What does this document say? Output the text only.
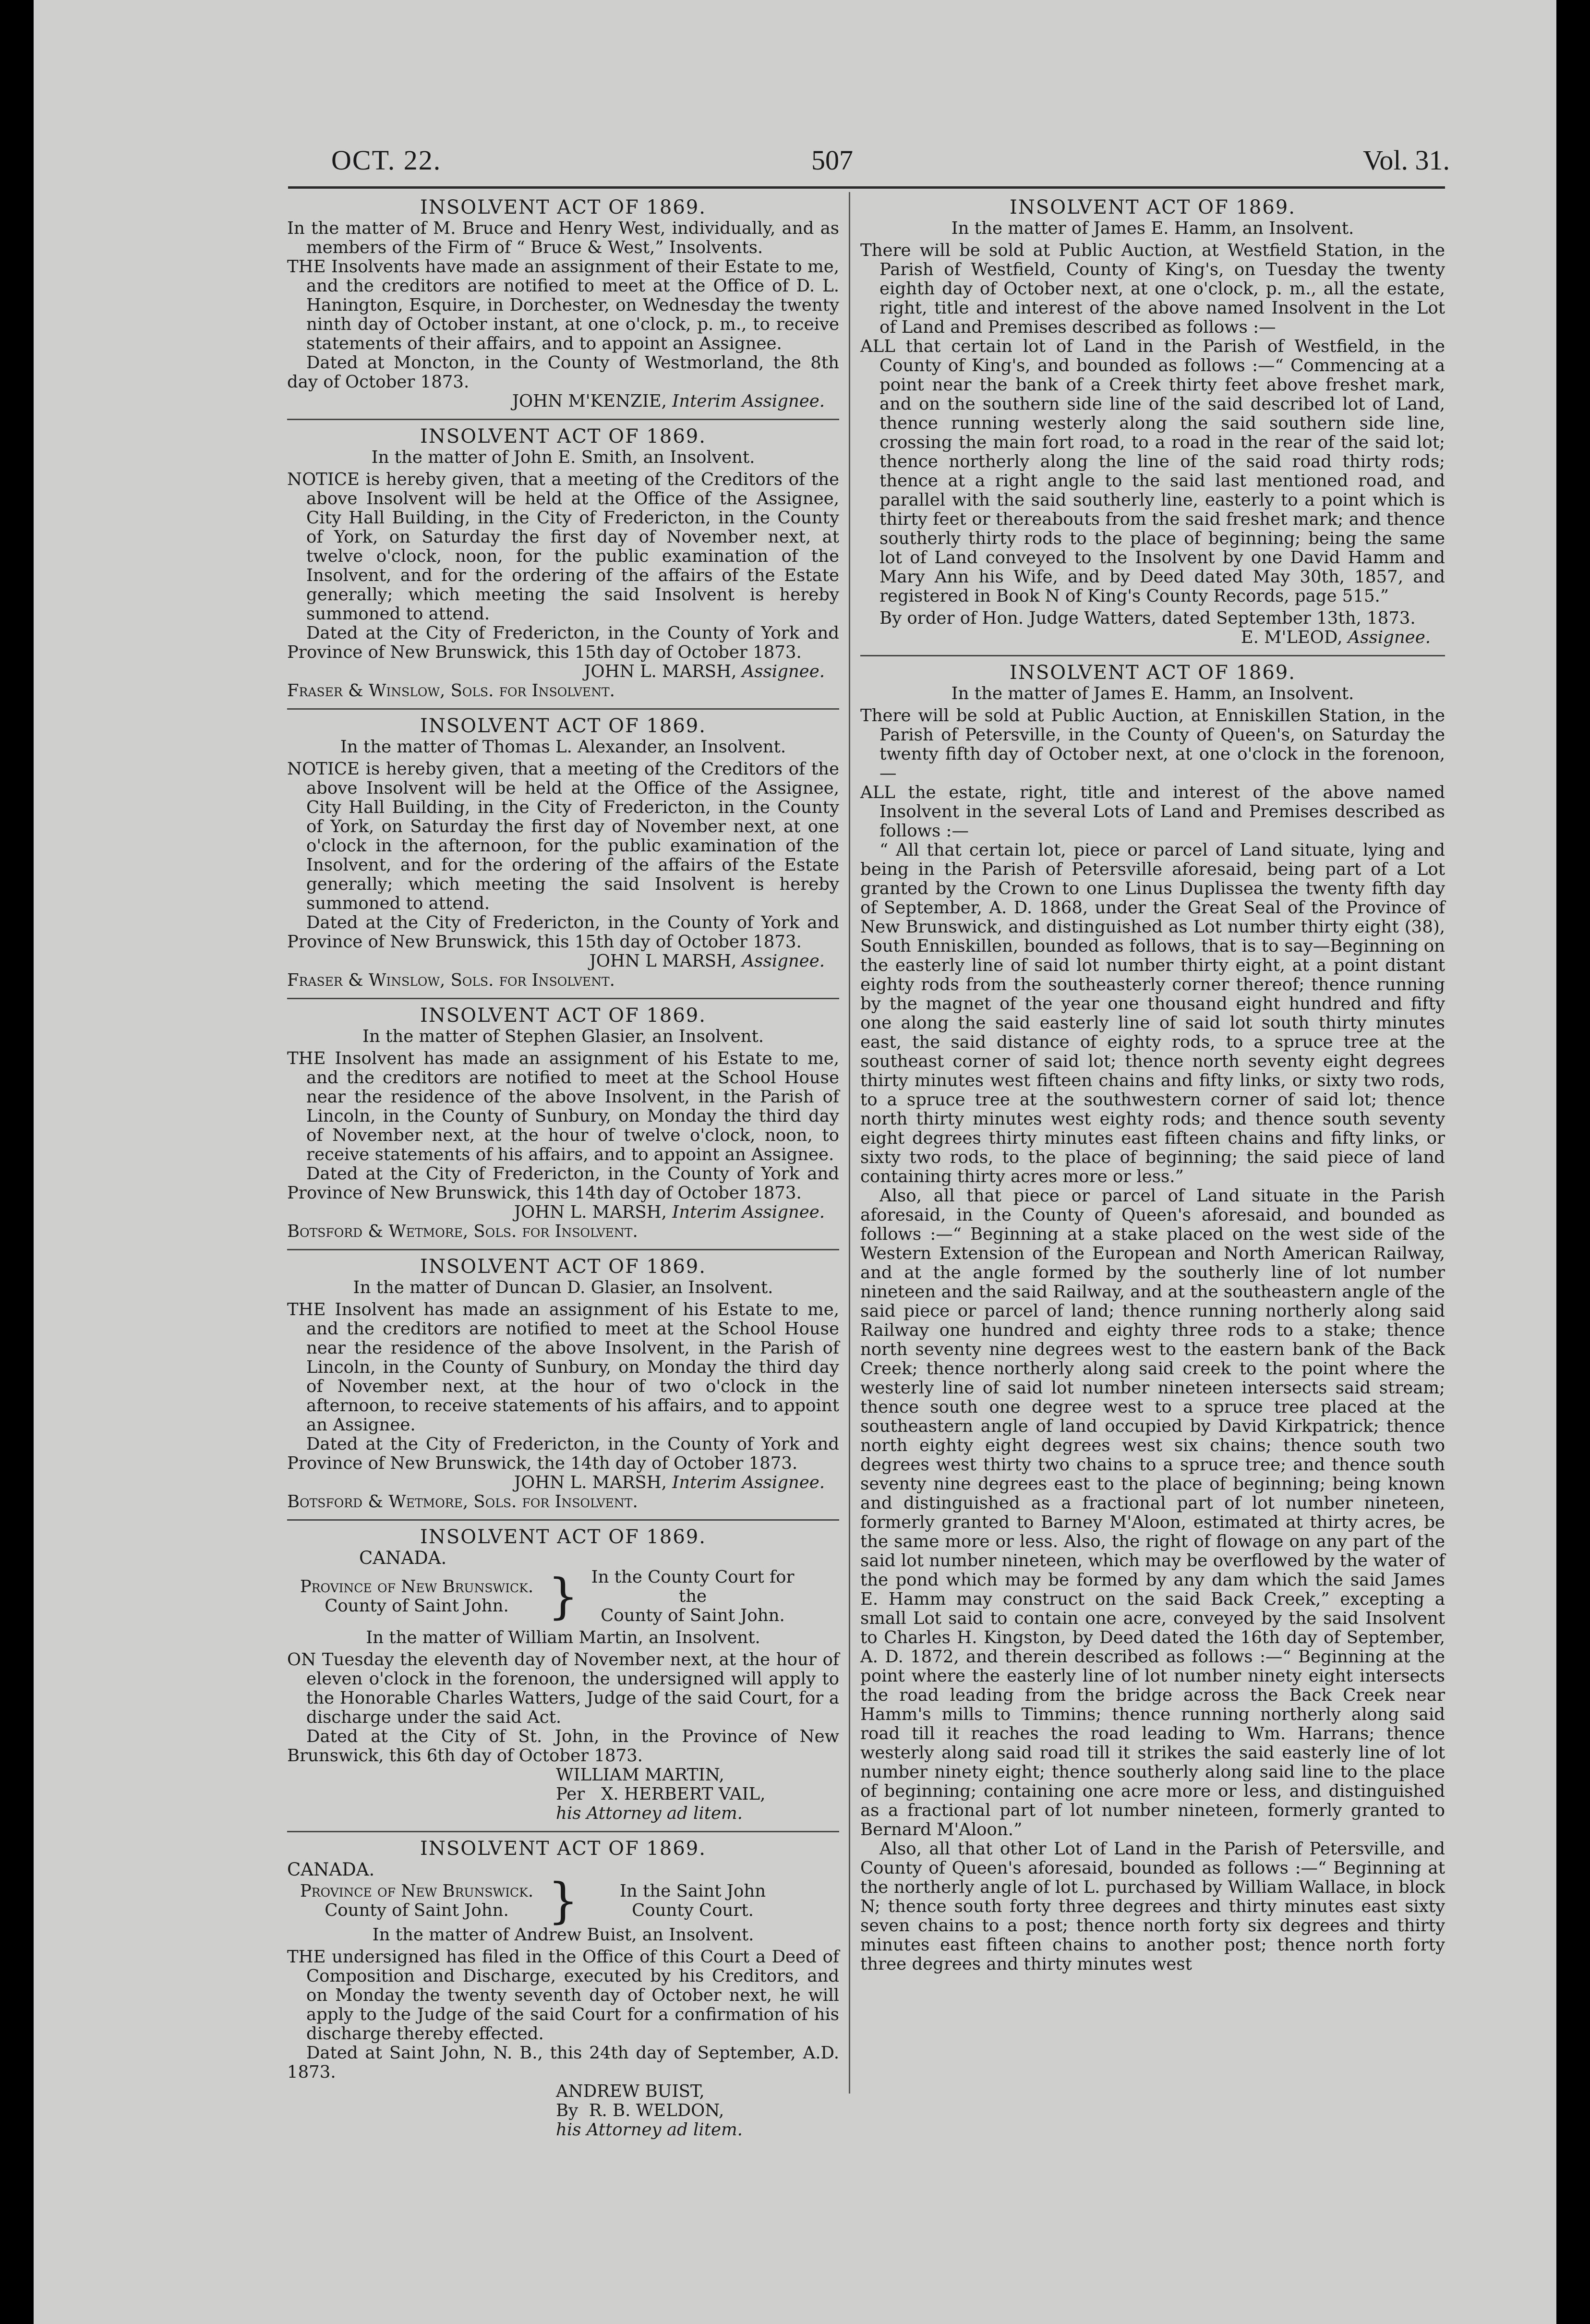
OCT. 22.	507	Vol. 31.
INSOLVENT ACT OF 1869.

In the matter of M. Bruce and Henry West, individually, and as members of the Firm of “ Bruce & West,” Insolvents.

THE Insolvents have made an assignment of their Estate to me, and the creditors are notified to meet at the Office of D. L. Hanington, Esquire, in Dorchester, on Wednesday the twenty ninth day of October instant, at one o'clock, p. m., to receive statements of their affairs, and to appoint an Assignee.

Dated at Moncton, in the County of Westmorland, the 8th day of October 1873.

JOHN M'KENZIE, Interim Assignee.

INSOLVENT ACT OF 1869.

In the matter of John E. Smith, an Insolvent.

NOTICE is hereby given, that a meeting of the Creditors of the above Insolvent will be held at the Office of the Assignee, City Hall Building, in the City of Fredericton, in the County of York, on Saturday the first day of November next, at twelve o'clock, noon, for the public examination of the Insolvent, and for the ordering of the affairs of the Estate generally; which meeting the said Insolvent is hereby summoned to attend.

Dated at the City of Fredericton, in the County of York and Province of New Brunswick, this 15th day of October 1873.

JOHN L. MARSH, Assignee.

Fraser & Winslow, Sols. for Insolvent.

INSOLVENT ACT OF 1869.

In the matter of Thomas L. Alexander, an Insolvent.

NOTICE is hereby given, that a meeting of the Creditors of the above Insolvent will be held at the Office of the Assignee, City Hall Building, in the City of Fredericton, in the County of York, on Saturday the first day of November next, at one o'clock in the afternoon, for the public examination of the Insolvent, and for the ordering of the affairs of the Estate generally; which meeting the said Insolvent is hereby summoned to attend.

Dated at the City of Fredericton, in the County of York and Province of New Brunswick, this 15th day of October 1873.

JOHN L MARSH, Assignee.

Fraser & Winslow, Sols. for Insolvent.

INSOLVENT ACT OF 1869.

In the matter of Stephen Glasier, an Insolvent.

THE Insolvent has made an assignment of his Estate to me, and the creditors are notified to meet at the School House near the residence of the above Insolvent, in the Parish of Lincoln, in the County of Sunbury, on Monday the third day of November next, at the hour of twelve o'clock, noon, to receive statements of his affairs, and to appoint an Assignee.

Dated at the City of Fredericton, in the County of York and Province of New Brunswick, this 14th day of October 1873.

JOHN L. MARSH, Interim Assignee.

Botsford & Wetmore, Sols. for Insolvent.

INSOLVENT ACT OF 1869.

In the matter of Duncan D. Glasier, an Insolvent.

THE Insolvent has made an assignment of his Estate to me, and the creditors are notified to meet at the School House near the residence of the above Insolvent, in the Parish of Lincoln, in the County of Sunbury, on Monday the third day of November next, at the hour of two o'clock in the afternoon, to receive statements of his affairs, and to appoint an Assignee.

Dated at the City of Fredericton, in the County of York and Province of New Brunswick, the 14th day of October 1873.

JOHN L. MARSH, Interim Assignee.

Botsford & Wetmore, Sols. for Insolvent.

INSOLVENT ACT OF 1869.

CANADA.

Province of New Brunswick.
County of Saint John. } In the County Court for the
County of Saint John.

In the matter of William Martin, an Insolvent.

ON Tuesday the eleventh day of November next, at the hour of eleven o'clock in the forenoon, the undersigned will apply to the Honorable Charles Watters, Judge of the said Court, for a discharge under the said Act.

Dated at the City of St. John, in the Province of New Brunswick, this 6th day of October 1873.

WILLIAM MARTIN,
Per X. HERBERT VAIL,
his Attorney ad litem.
INSOLVENT ACT OF 1869.

CANADA.

Province of New Brunswick.
County of Saint John. }	In the Saint John
County Court.

In the matter of Andrew Buist, an Insolvent.

THE undersigned has filed in the Office of this Court a Deed of Composition and Discharge, executed by his Creditors, and on Monday the twenty seventh day of October next, he will apply to the Judge of the said Court for a confirmation of his discharge thereby effected.

Dated at Saint John, N. B., this 24th day of September, A.D. 1873.

ANDREW BUIST,
By R. B. WELDON,
his Attorney ad litem.
INSOLVENT ACT OF 1869.

In the matter of James E. Hamm, an Insolvent.

There will be sold at Public Auction, at Westfield Station, in the Parish of Westfield, County of King's, on Tuesday the twenty eighth day of October next, at one o'clock, p. m., all the estate, right, title and interest of the above named Insolvent in the Lot of Land and Premises described as follows :—

ALL that certain lot of Land in the Parish of Westfield, in the County of King's, and bounded as follows :—“ Commencing at a point near the bank of a Creek thirty feet above freshet mark, and on the southern side line of the said described lot of Land, thence running westerly along the said southern side line, crossing the main fort road, to a road in the rear of the said lot; thence northerly along the line of the said road thirty rods; thence at a right angle to the said last mentioned road, and parallel with the said southerly line, easterly to a point which is thirty feet or thereabouts from the said freshet mark; and thence southerly thirty rods to the place of beginning; being the same lot of Land conveyed to the Insolvent by one David Hamm and Mary Ann his Wife, and by Deed dated May 30th, 1857, and registered in Book N of King's County Records, page 515.”

By order of Hon. Judge Watters, dated September 13th, 1873.

E. M'LEOD, Assignee.

INSOLVENT ACT OF 1869.

In the matter of James E. Hamm, an Insolvent.

There will be sold at Public Auction, at Enniskillen Station, in the Parish of Petersville, in the County of Queen's, on Saturday the twenty fifth day of October next, at one o'clock in the forenoon,—

ALL the estate, right, title and interest of the above named Insolvent in the several Lots of Land and Premises described as follows :—

“ All that certain lot, piece or parcel of Land situate, lying and being in the Parish of Petersville aforesaid, being part of a Lot granted by the Crown to one Linus Duplissea the twenty fifth day of September, A. D. 1868, under the Great Seal of the Province of New Brunswick, and distinguished as Lot number thirty eight (38), South Enniskillen, bounded as follows, that is to say—Beginning on the easterly line of said lot number thirty eight, at a point distant eighty rods from the southeasterly corner thereof; thence running by the magnet of the year one thousand eight hundred and fifty one along the said easterly line of said lot south thirty minutes east, the said distance of eighty rods, to a spruce tree at the southeast corner of said lot; thence north seventy eight degrees thirty minutes west fifteen chains and fifty links, or sixty two rods, to a spruce tree at the southwestern corner of said lot; thence north thirty minutes west eighty rods; and thence south seventy eight degrees thirty minutes east fifteen chains and fifty links, or sixty two rods, to the place of beginning; the said piece of land containing thirty acres more or less.”

Also, all that piece or parcel of Land situate in the Parish aforesaid, in the County of Queen's aforesaid, and bounded as follows :—“ Beginning at a stake placed on the west side of the Western Extension of the European and North American Railway, and at the angle formed by the southerly line of lot number nineteen and the said Railway, and at the southeastern angle of the said piece or parcel of land; thence running northerly along said Railway one hundred and eighty three rods to a stake; thence north seventy nine degrees west to the eastern bank of the Back Creek; thence northerly along said creek to the point where the westerly line of said lot number nineteen intersects said stream; thence south one degree west to a spruce tree placed at the southeastern angle of land occupied by David Kirkpatrick; thence north eighty eight degrees west six chains; thence south two degrees west thirty two chains to a spruce tree; and thence south seventy nine degrees east to the place of beginning; being known and distinguished as a fractional part of lot number nineteen, formerly granted to Barney M'Aloon, estimated at thirty acres, be the same more or less. Also, the right of flowage on any part of the said lot number nineteen, which may be overflowed by the water of the pond which may be formed by any dam which the said James E. Hamm may construct on the said Back Creek,” excepting a small Lot said to contain one acre, conveyed by the said Insolvent to Charles H. Kingston, by Deed dated the 16th day of September, A. D. 1872, and therein described as follows :—“ Beginning at the point where the easterly line of lot number ninety eight intersects the road leading from the bridge across the Back Creek near Hamm's mills to Timmins; thence running northerly along said road till it reaches the road leading to Wm. Harrans; thence westerly along said road till it strikes the said easterly line of lot number ninety eight; thence southerly along said line to the place of beginning; containing one acre more or less, and distinguished as a fractional part of lot number nineteen, formerly granted to Bernard M'Aloon.”

Also, all that other Lot of Land in the Parish of Petersville, and County of Queen's aforesaid, bounded as follows :—“ Beginning at the northerly angle of lot L. purchased by William Wallace, in block N; thence south forty three degrees and thirty minutes east sixty seven chains to a post; thence north forty six degrees and thirty minutes east fifteen chains to another post; thence north forty three degrees and thirty minutes west
